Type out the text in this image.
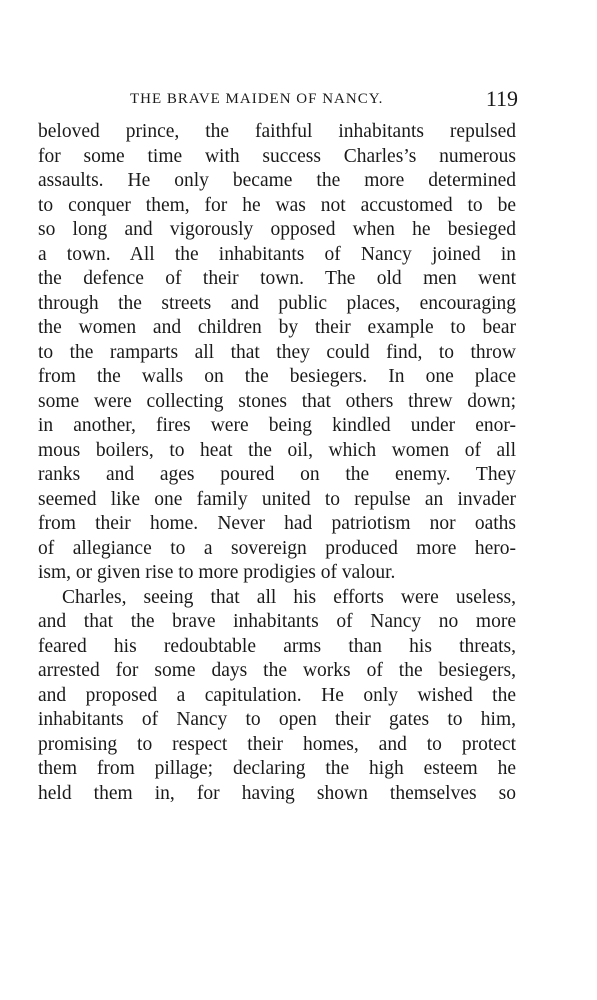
THE BRAVE MAIDEN OF NANCY.	119
beloved prince, the faithful inhabitants repulsed
for some time with success Charles’s numerous
assaults. He only became the more determined
to conquer them, for he was not accustomed to be
so long and vigorously opposed when he besieged
a town. All the inhabitants of Nancy joined in
the defence of their town. The old men went
through the streets and public places, encouraging
the women and children by their example to bear
to the ramparts all that they could find, to throw
from the walls on the besiegers. In one place
some were collecting stones that others threw down;
in another, fires were being kindled under enor-
mous boilers, to heat the oil, which women of all
ranks and ages poured on the enemy. They
seemed like one family united to repulse an invader
from their home. Never had patriotism nor oaths
of allegiance to a sovereign produced more hero-
ism, or given rise to more prodigies of valour.
Charles, seeing that all his efforts were useless,
and that the brave inhabitants of Nancy no more
feared his redoubtable arms than his threats,
arrested for some days the works of the besiegers,
and proposed a capitulation. He only wished the
inhabitants of Nancy to open their gates to him,
promising to respect their homes, and to protect
them from pillage; declaring the high esteem he
held them in, for having shown themselves so
